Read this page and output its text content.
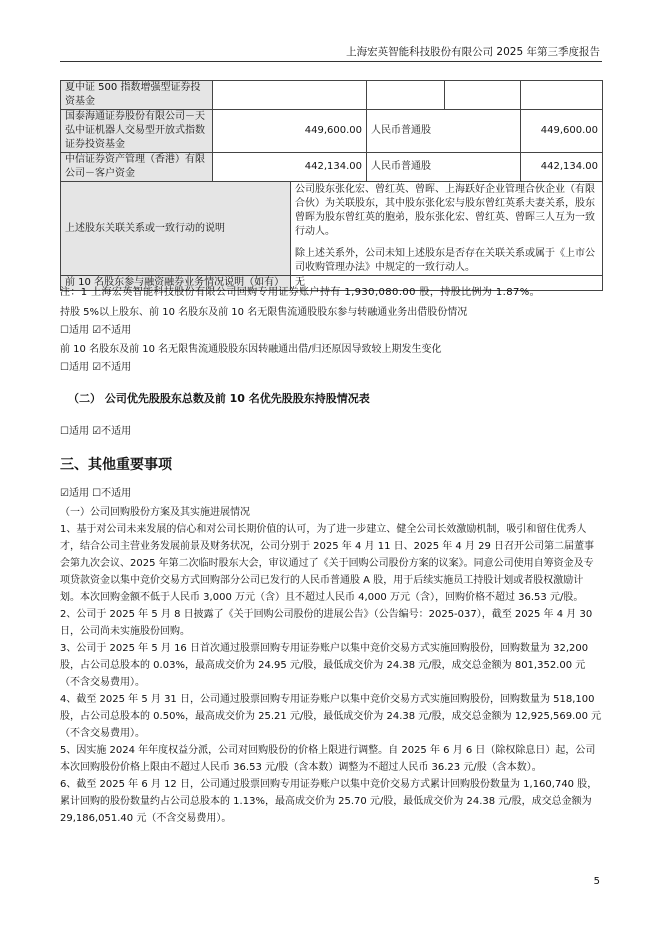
上海宏英智能科技股份有限公司 2025 年第三季度报告
夏中证 500 指数增强型证券投资基金					
国泰海通证券股份有限公司－天弘中证机器人交易型开放式指数证券投资基金	449,600.00		人民币普通股		449,600.00
中信证券资产管理（香港）有限公司－客户资金	442,134.00		人民币普通股		442,134.00
上述股东关联关系或一致行动的说明		公司股东张化宏、曾红英、曾晖、上海跃好企业管理合伙企业（有限合伙）为关联股东，其中股东张化宏与股东曾红英系夫妻关系，股东曾晖为股东曾红英的胞弟，股东张化宏、曾红英、曾晖三人互为一致行动人。
除上述关系外，公司未知上述股东是否存在关联关系或属于《上市公司收购管理办法》中规定的一致行动人。			

前 10 名股东参与融资融券业务情况说明（如有）		无			
注：1 上海宏英智能科技股份有限公司回购专用证券账户持有 1,930,080.00 股，持股比例为 1.87%。
持股 5%以上股东、前 10 名股东及前 10 名无限售流通股股东参与转融通业务出借股份情况
☐适用 ☑不适用
前 10 名股东及前 10 名无限售流通股股东因转融通出借/归还原因导致较上期发生变化
☐适用 ☑不适用
（二） 公司优先股股东总数及前 10 名优先股股东持股情况表
☐适用 ☑不适用
三、其他重要事项

☑适用 ☐不适用

（一）公司回购股份方案及其实施进展情况

1、基于对公司未来发展的信心和对公司长期价值的认可，为了进一步建立、健全公司长效激励机制，吸引和留住优秀人才，结合公司主营业务发展前景及财务状况，公司分别于 2025 年 4 月 11 日、2025 年 4 月 29 日召开公司第二届董事会第九次会议、2025 年第二次临时股东大会，审议通过了《关于回购公司股份方案的议案》。同意公司使用自筹资金及专项贷款资金以集中竞价交易方式回购部分公司已发行的人民币普通股 A 股，用于后续实施员工持股计划或者股权激励计划。本次回购金额不低于人民币 3,000 万元（含）且不超过人民币 4,000 万元（含），回购价格不超过 36.53 元/股。

2、公司于 2025 年 5 月 8 日披露了《关于回购公司股份的进展公告》（公告编号：2025-037），截至 2025 年 4 月 30 日，公司尚未实施股份回购。

3、公司于 2025 年 5 月 16 日首次通过股票回购专用证券账户以集中竞价交易方式实施回购股份，回购数量为 32,200 股，占公司总股本的 0.03%，最高成交价为 24.95 元/股，最低成交价为 24.38 元/股，成交总金额为 801,352.00 元（不含交易费用）。

4、截至 2025 年 5 月 31 日，公司通过股票回购专用证券账户以集中竞价交易方式实施回购股份，回购数量为 518,100 股，占公司总股本的 0.50%，最高成交价为 25.21 元/股，最低成交价为 24.38 元/股，成交总金额为 12,925,569.00 元（不含交易费用）。

5、因实施 2024 年年度权益分派，公司对回购股份的价格上限进行调整。自 2025 年 6 月 6 日（除权除息日）起，公司本次回购股份价格上限由不超过人民币 36.53 元/股（含本数）调整为不超过人民币 36.23 元/股（含本数）。

6、截至 2025 年 6 月 12 日，公司通过股票回购专用证券账户以集中竞价交易方式累计回购股份数量为 1,160,740 股，累计回购的股份数量约占公司总股本的 1.13%，最高成交价为 25.70 元/股，最低成交价为 24.38 元/股，成交总金额为 29,186,051.40 元（不含交易费用）。

5
